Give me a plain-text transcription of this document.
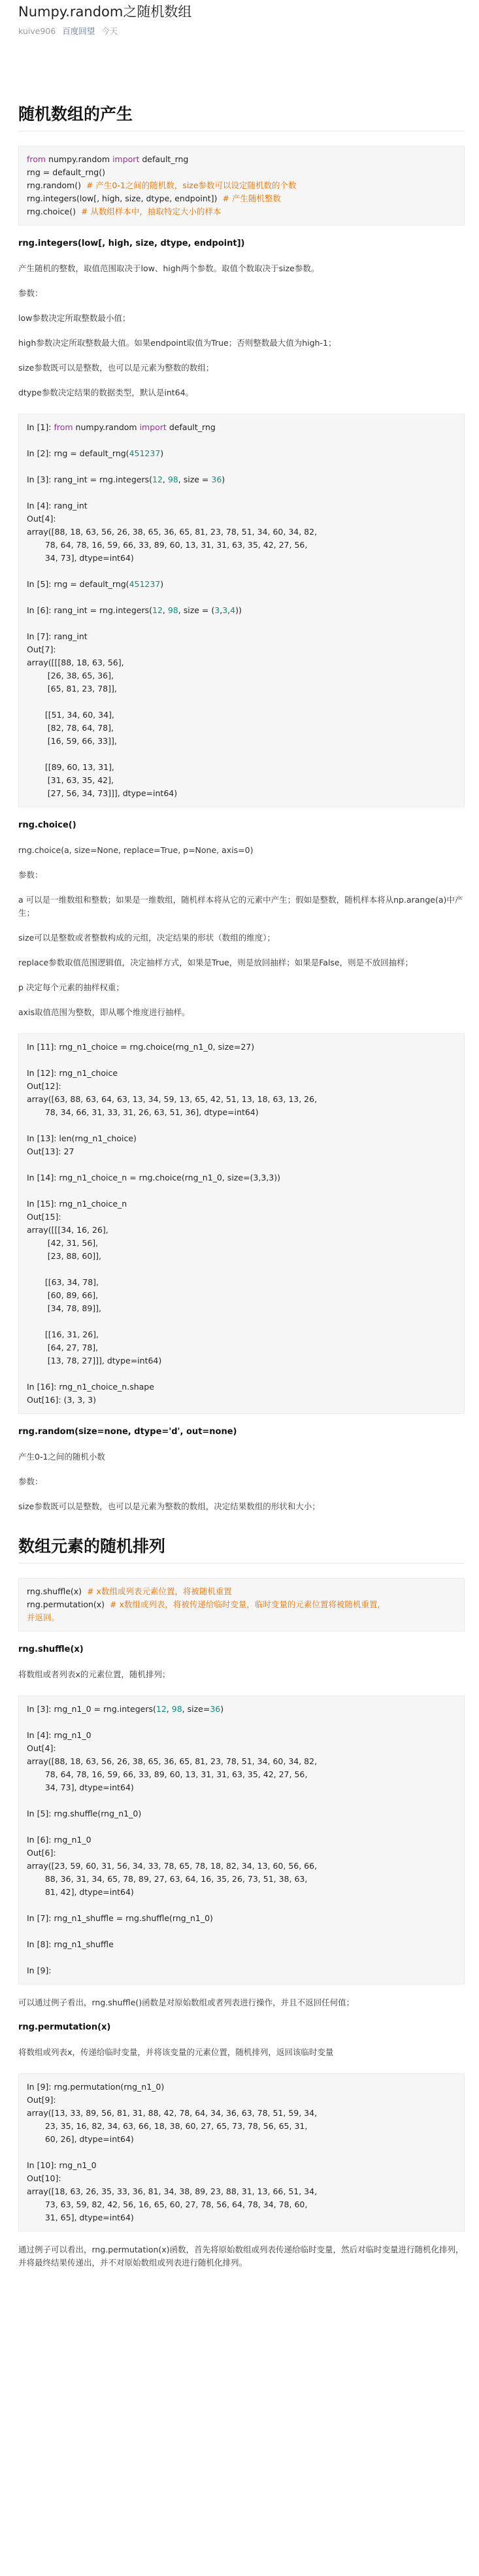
Numpy.random之随机数组
kuive906 百度回望 今天
随机数组的产生
from numpy.random import default_rng
rng = default_rng()
rng.random()  # 产生0-1之间的随机数，size参数可以设定随机数的个数
rng.integers(low[, high, size, dtype, endpoint])  # 产生随机整数
rng.choice()  # 从数组样本中，抽取特定大小的样本

rng.integers(low[, high, size, dtype, endpoint])

产生随机的整数，取值范围取决于low、high两个参数。取值个数取决于size参数。

参数：

low参数决定所取整数最小值；

high参数决定所取整数最大值。如果endpoint取值为True；否则整数最大值为high-1；

size参数既可以是整数，也可以是元素为整数的数组；

dtype参数决定结果的数据类型，默认是int64。

In [1]: from numpy.random import default_rng

In [2]: rng = default_rng(451237)

In [3]: rang_int = rng.integers(12, 98, size = 36)

In [4]: rang_int
Out[4]:
array([88, 18, 63, 56, 26, 38, 65, 36, 65, 81, 23, 78, 51, 34, 60, 34, 82,
78, 64, 78, 16, 59, 66, 33, 89, 60, 13, 31, 31, 63, 35, 42, 27, 56,
34, 73], dtype=int64)

In [5]: rng = default_rng(451237)

In [6]: rang_int = rng.integers(12, 98, size = (3,3,4))

In [7]: rang_int
Out[7]:
array([[[88, 18, 63, 56],
[26, 38, 65, 36],
[65, 81, 23, 78]],

[[51, 34, 60, 34],
[82, 78, 64, 78],
[16, 59, 66, 33]],

[[89, 60, 13, 31],
[31, 63, 35, 42],
[27, 56, 34, 73]]], dtype=int64)

rng.choice()

rng.choice(a, size=None, replace=True, p=None, axis=0)

参数：

a 可以是一维数组和整数；如果是一维数组，随机样本将从它的元素中产生；假如是整数，随机样本将从np.arange(a)中产生；

size可以是整数或者整数构成的元组，决定结果的形状（数组的维度）；

replace参数取值范围逻辑值，决定抽样方式，如果是True，则是放回抽样；如果是False，则是不放回抽样；

p 决定每个元素的抽样权重；

axis取值范围为整数，即从哪个维度进行抽样。

In [11]: rng_n1_choice = rng.choice(rng_n1_0, size=27)

In [12]: rng_n1_choice
Out[12]:
array([63, 88, 63, 64, 63, 13, 34, 59, 13, 65, 42, 51, 13, 18, 63, 13, 26,
78, 34, 66, 31, 33, 31, 26, 63, 51, 36], dtype=int64)

In [13]: len(rng_n1_choice)
Out[13]: 27

In [14]: rng_n1_choice_n = rng.choice(rng_n1_0, size=(3,3,3))

In [15]: rng_n1_choice_n
Out[15]:
array([[[34, 16, 26],
[42, 31, 56],
[23, 88, 60]],

[[63, 34, 78],
[60, 89, 66],
[34, 78, 89]],

[[16, 31, 26],
[64, 27, 78],
[13, 78, 27]]], dtype=int64)

In [16]: rng_n1_choice_n.shape
Out[16]: (3, 3, 3)

rng.random(size=none, dtype='d', out=none)

产生0-1之间的随机小数

参数：

size参数既可以是整数，也可以是元素为整数的数组，决定结果数组的形状和大小；

数组元素的随机排列
rng.shuffle(x)  # x数组或列表元素位置，将被随机重置
rng.permutation(x)  # x数组或列表，将被传递给临时变量，临时变量的元素位置将被随机重置，
并返回。

rng.shuffle(x)

将数组或者列表x的元素位置，随机排列；

In [3]: rng_n1_0 = rng.integers(12, 98, size=36)

In [4]: rng_n1_0
Out[4]:
array([88, 18, 63, 56, 26, 38, 65, 36, 65, 81, 23, 78, 51, 34, 60, 34, 82,
78, 64, 78, 16, 59, 66, 33, 89, 60, 13, 31, 31, 63, 35, 42, 27, 56,
34, 73], dtype=int64)

In [5]: rng.shuffle(rng_n1_0)

In [6]: rng_n1_0
Out[6]:
array([23, 59, 60, 31, 56, 34, 33, 78, 65, 78, 18, 82, 34, 13, 60, 56, 66,
88, 36, 31, 34, 65, 78, 89, 27, 63, 64, 16, 35, 26, 73, 51, 38, 63,
81, 42], dtype=int64)

In [7]: rng_n1_shuffle = rng.shuffle(rng_n1_0)

In [8]: rng_n1_shuffle

In [9]:

可以通过例子看出，rng.shuffle()函数是对原始数组或者列表进行操作，并且不返回任何值；

rng.permutation(x)

将数组或列表x，传递给临时变量，并将该变量的元素位置，随机排列，返回该临时变量

In [9]: rng.permutation(rng_n1_0)
Out[9]:
array([13, 33, 89, 56, 81, 31, 88, 42, 78, 64, 34, 36, 63, 78, 51, 59, 34,
23, 35, 16, 82, 34, 63, 66, 18, 38, 60, 27, 65, 73, 78, 56, 65, 31,
60, 26], dtype=int64)

In [10]: rng_n1_0
Out[10]:
array([18, 63, 26, 35, 33, 36, 81, 34, 38, 89, 23, 88, 31, 13, 66, 51, 34,
73, 63, 59, 82, 42, 56, 16, 65, 60, 27, 78, 56, 64, 78, 34, 78, 60,
31, 65], dtype=int64)

通过例子可以看出，rng.permutation(x)函数，首先将原始数组或列表传递给临时变量，然后对临时变量进行随机化排列，并将最终结果传递出，并不对原始数组或列表进行随机化排列。
